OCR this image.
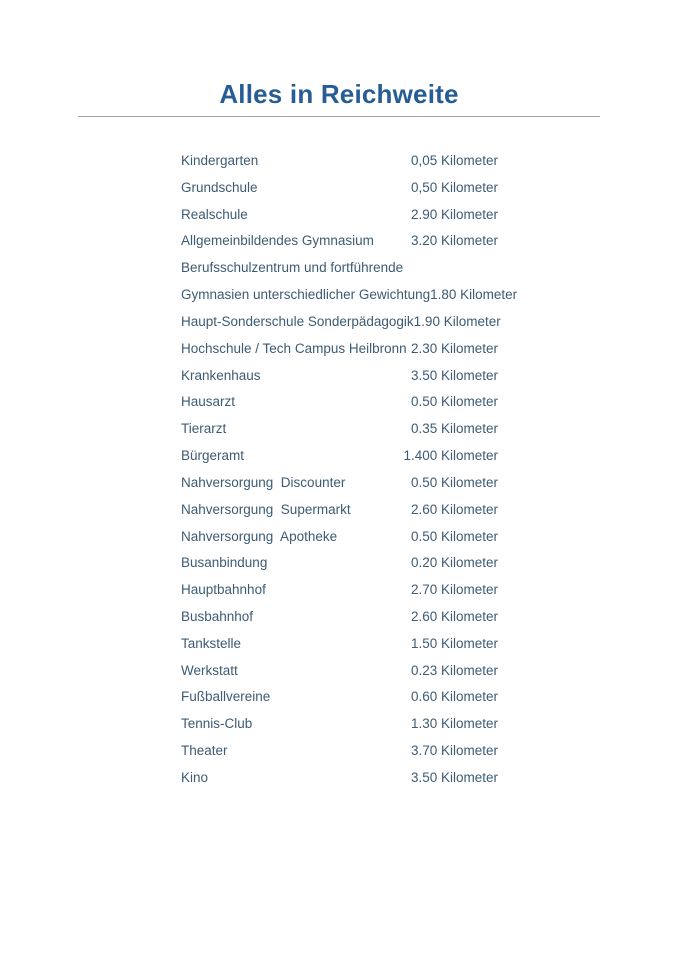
Alles in Reichweite
Kindergarten	0,05 Kilometer
Grundschule	0,50 Kilometer
Realschule	2.90 Kilometer
Allgemeinbildendes Gymnasium	3.20 Kilometer
Berufsschulzentrum und fortführende
Gymnasien unterschiedlicher Gewichtung 1.80 Kilometer
Haupt-Sonderschule Sonderpädagogik 1.90 Kilometer
Hochschule / Tech Campus Heilbronn 2.30 Kilometer
Krankenhaus	3.50 Kilometer
Hausarzt	0.50 Kilometer
Tierarzt	0.35 Kilometer
Bürgeramt	1.400 Kilometer
Nahversorgung  Discounter	0.50 Kilometer
Nahversorgung  Supermarkt	2.60 Kilometer
Nahversorgung  Apotheke	0.50 Kilometer
Busanbindung	0.20 Kilometer
Hauptbahnhof	2.70 Kilometer
Busbahnhof	2.60 Kilometer
Tankstelle	1.50 Kilometer
Werkstatt	0.23 Kilometer
Fußballvereine	0.60 Kilometer
Tennis-Club	1.30 Kilometer
Theater	3.70 Kilometer
Kino	3.50 Kilometer
